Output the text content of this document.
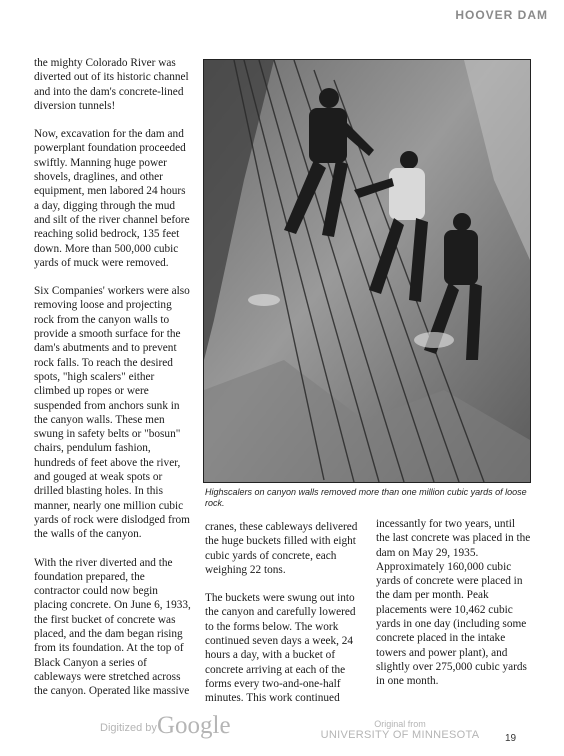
HOOVER DAM

the mighty Colorado River was diverted out of its historic channel and into the dam's concrete-lined diversion tunnels!

Now, excavation for the dam and powerplant foundation proceeded swiftly. Manning huge power shovels, draglines, and other equipment, men labored 24 hours a day, digging through the mud and silt of the river channel before reaching solid bedrock, 135 feet down. More than 500,000 cubic yards of muck were removed.

Six Companies' workers were also removing loose and projecting rock from the canyon walls to provide a smooth surface for the dam's abutments and to prevent rock falls. To reach the desired spots, "high scalers" either climbed up ropes or were suspended from anchors sunk in the canyon walls. These men swung in safety belts or "bosun" chairs, pendulum fashion, hundreds of feet above the river, and gouged at weak spots or drilled blasting holes. In this manner, nearly one million cubic yards of rock were dislodged from the walls of the canyon.

With the river diverted and the foundation prepared, the contractor could now begin placing concrete. On June 6, 1933, the first bucket of concrete was placed, and the dam began rising from its foundation. At the top of Black Canyon a series of cableways were stretched across the canyon. Operated like massive

Highscalers on canyon walls removed more than one million cubic yards of loose rock.

cranes, these cableways delivered the huge buckets filled with eight cubic yards of concrete, each weighing 22 tons.

The buckets were swung out into the canyon and carefully lowered to the forms below. The work continued seven days a week, 24 hours a day, with a bucket of concrete arriving at each of the forms every two-and-one-half minutes. This work continued

incessantly for two years, until the last concrete was placed in the dam on May 29, 1935. Approximately 160,000 cubic yards of concrete were placed in the dam per month. Peak placements were 10,462 cubic yards in one day (including some concrete placed in the intake towers and power plant), and slightly over 275,000 cubic yards in one month.

Digitized by Google	Original from
UNIVERSITY OF MINNESOTA	19
